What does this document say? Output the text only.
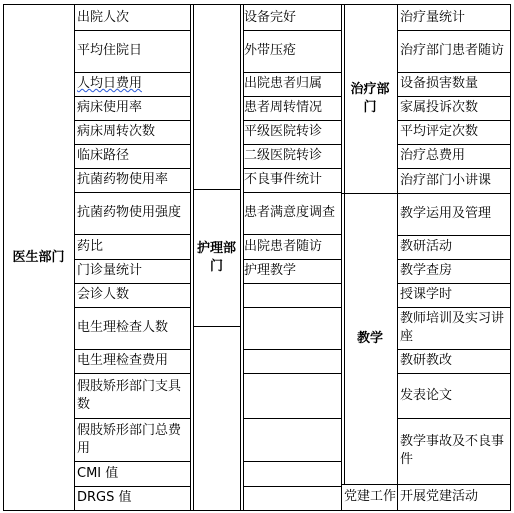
医生部门
护理部门
治疗部门
教学
党建工作
出院人次
平均住院日
人均日费用
病床使用率
病床周转次数
临床路径
抗菌药物使用率
抗菌药物使用强度
药比
门诊量统计
会诊人数
电生理检查人数
电生理检查费用
假肢矫形部门支具数
假肢矫形部门总费用
CMI 值
DRGS 值
设备完好
外带压疮
出院患者归属
患者周转情况
平级医院转诊
二级医院转诊
不良事件统计
患者满意度调查
出院患者随访
护理教学
治疗量统计
治疗部门患者随访
设备损害数量
家属投诉次数
平均评定次数
治疗总费用
治疗部门小讲课
教学运用及管理
教研活动
教学查房
授课学时
教师培训及实习讲座
教研教改
发表论文
教学事故及不良事件
开展党建活动
